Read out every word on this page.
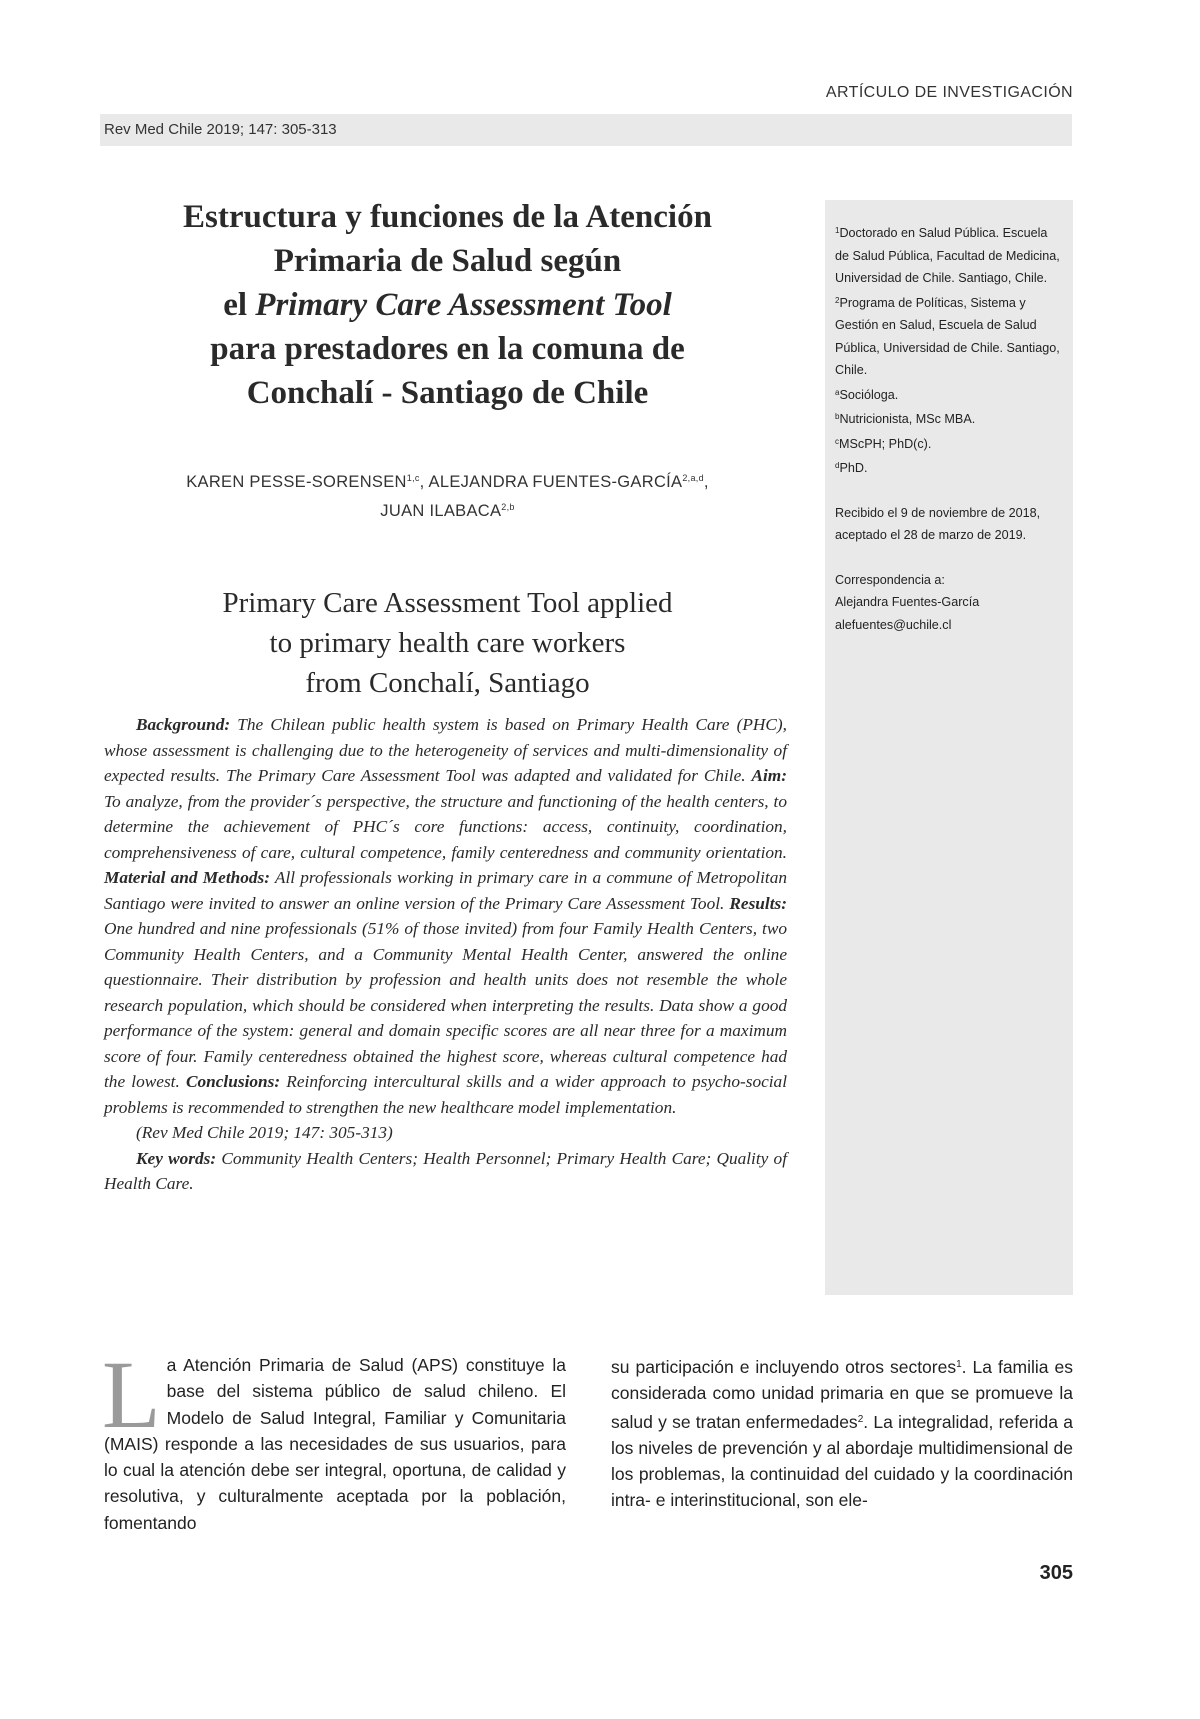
ARTÍCULO DE INVESTIGACIÓN
Rev Med Chile 2019; 147: 305-313
Estructura y funciones de la Atención
Primaria de Salud según
el Primary Care Assessment Tool
para prestadores en la comuna de
Conchalí - Santiago de Chile
KAREN PESSE-SORENSEN$^{1,c}$, ALEJANDRA FUENTES-GARCÍA$^{2,a,d}$,
JUAN ILABACA$^{2,b}$
Primary Care Assessment Tool applied
to primary health care workers
from Conchalí, Santiago

Background: The Chilean public health system is based on Primary Health Care (PHC), whose assessment is challenging due to the heterogeneity of services and multi-dimensionality of expected results. The Primary Care Assessment Tool was adapted and validated for Chile. Aim: To analyze, from the provider´s perspective, the structure and functioning of the health centers, to determine the achievement of PHC´s core functions: access, continuity, coordination, comprehensiveness of care, cultural competence, family centeredness and community orientation. Material and Methods: All professionals working in primary care in a commune of Metropolitan Santiago were invited to answer an online version of the Primary Care Assessment Tool. Results: One hundred and nine professionals (51% of those invited) from four Family Health Centers, two Community Health Centers, and a Community Mental Health Center, answered the online questionnaire. Their distribution by profession and health units does not resemble the whole research population, which should be considered when interpreting the results. Data show a good performance of the system: general and domain specific scores are all near three for a maximum score of four. Family centeredness obtained the highest score, whereas cultural competence had the lowest. Conclusions: Reinforcing intercultural skills and a wider approach to psycho-social problems is recommended to strengthen the new healthcare model implementation.

(Rev Med Chile 2019; 147: 305-313)

Key words: Community Health Centers; Health Personnel; Primary Health Care; Quality of Health Care.

$^1$Doctorado en Salud Pública. Escuela de Salud Pública, Facultad de Medicina, Universidad de Chile. Santiago, Chile.

$^2$Programa de Políticas, Sistema y Gestión en Salud, Escuela de Salud Pública, Universidad de Chile. Santiago, Chile.

$^a$Socióloga.

$^b$Nutricionista, MSc MBA.

$^c$MScPH; PhD(c).

$^d$PhD.

Recibido el 9 de noviembre de 2018, aceptado el 28 de marzo de 2019.

Correspondencia a:

Alejandra Fuentes-García

alefuentes@uchile.cl

La Atención Primaria de Salud (APS) constituye la base del sistema público de salud chileno. El Modelo de Salud Integral, Familiar y Comunitaria (MAIS) responde a las necesidades de sus usuarios, para lo cual la atención debe ser integral, oportuna, de calidad y resolutiva, y culturalmente aceptada por la población, fomentando
su participación e incluyendo otros sectores$^1$. La familia es considerada como unidad primaria en que se promueve la salud y se tratan enfermedades$^2$. La integralidad, referida a los niveles de prevención y al abordaje multidimensional de los problemas, la continuidad del cuidado y la coordinación intra- e interinstitucional, son ele-
305
